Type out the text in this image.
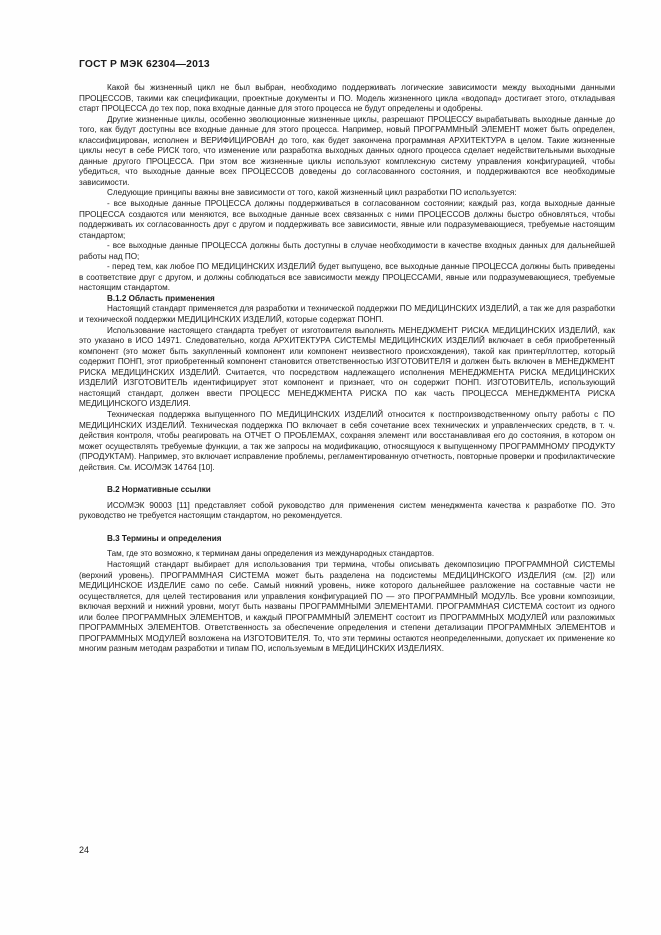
ГОСТ Р МЭК 62304—2013

Какой бы жизненный цикл не был выбран, необходимо поддерживать логические зависимости между выходными данными ПРОЦЕССОВ, такими как спецификации, проектные документы и ПО. Модель жизненного цикла «водопад» достигает этого, откладывая старт ПРОЦЕССА до тех пор, пока входные данные для этого процесса не будут определены и одобрены.

Другие жизненные циклы, особенно эволюционные жизненные циклы, разрешают ПРОЦЕССУ вырабатывать выходные данные до того, как будут доступны все входные данные для этого процесса. Например, новый ПРОГРАММНЫЙ ЭЛЕМЕНТ может быть определен, классифицирован, исполнен и ВЕРИФИЦИРОВАН до того, как будет закончена программная АРХИТЕКТУРА в целом. Такие жизненные циклы несут в себе РИСК того, что изменение или разработка выходных данных одного процесса сделает недействительными выходные данные другого ПРОЦЕССА. При этом все жизненные циклы используют комплексную систему управления конфигурацией, чтобы убедиться, что выходные данные всех ПРОЦЕССОВ доведены до согласованного состояния, и поддерживаются все необходимые зависимости.

Следующие принципы важны вне зависимости от того, какой жизненный цикл разработки ПО используется:

- все выходные данные ПРОЦЕССА должны поддерживаться в согласованном состоянии; каждый раз, когда выходные данные ПРОЦЕССА создаются или меняются, все выходные данные всех связанных с ними ПРОЦЕССОВ должны быстро обновляться, чтобы поддерживать их согласованность друг с другом и поддерживать все зависимости, явные или подразумевающиеся, требуемые настоящим стандартом;

- все выходные данные ПРОЦЕССА должны быть доступны в случае необходимости в качестве входных данных для дальнейшей работы над ПО;

- перед тем, как любое ПО МЕДИЦИНСКИХ ИЗДЕЛИЙ будет выпущено, все выходные данные ПРОЦЕССА должны быть приведены в соответствие друг с другом, и должны соблюдаться все зависимости между ПРОЦЕССАМИ, явные или подразумевающиеся, требуемые настоящим стандартом.

В.1.2 Область применения

Настоящий стандарт применяется для разработки и технической поддержки ПО МЕДИЦИНСКИХ ИЗДЕЛИЙ, а так же для разработки и технической поддержки МЕДИЦИНСКИХ ИЗДЕЛИЙ, которые содержат ПОНП.

Использование настоящего стандарта требует от изготовителя выполнять МЕНЕДЖМЕНТ РИСКА МЕДИЦИНСКИХ ИЗДЕЛИЙ, как это указано в ИСО 14971. Следовательно, когда АРХИТЕКТУРА СИСТЕМЫ МЕДИЦИНСКИХ ИЗДЕЛИЙ включает в себя приобретенный компонент (это может быть закупленный компонент или компонент неизвестного происхождения), такой как принтер/плоттер, который содержит ПОНП, этот приобретенный компонент становится ответственностью ИЗГОТОВИТЕЛЯ и должен быть включен в МЕНЕДЖМЕНТ РИСКА МЕДИЦИНСКИХ ИЗДЕЛИЙ. Считается, что посредством надлежащего исполнения МЕНЕДЖМЕНТА РИСКА МЕДИЦИНСКИХ ИЗДЕЛИЙ ИЗГОТОВИТЕЛЬ идентифицирует этот компонент и признает, что он содержит ПОНП. ИЗГОТОВИТЕЛЬ, использующий настоящий стандарт, должен ввести ПРОЦЕСС МЕНЕДЖМЕНТА РИСКА ПО как часть ПРОЦЕССА МЕНЕДЖМЕНТА РИСКА МЕДИЦИНСКОГО ИЗДЕЛИЯ.

Техническая поддержка выпущенного ПО МЕДИЦИНСКИХ ИЗДЕЛИЙ относится к постпроизводственному опыту работы с ПО МЕДИЦИНСКИХ ИЗДЕЛИЙ. Техническая поддержка ПО включает в себя сочетание всех технических и управленческих средств, в т. ч. действия контроля, чтобы реагировать на ОТЧЕТ О ПРОБЛЕМАХ, сохраняя элемент или восстанавливая его до состояния, в котором он может осуществлять требуемые функции, а так же запросы на модификацию, относящуюся к выпущенному ПРОГРАММНОМУ ПРОДУКТУ (ПРОДУКТАМ). Например, это включает исправление проблемы, регламентированную отчетность, повторные проверки и профилактические действия. См. ИСО/МЭК 14764 [10].

В.2 Нормативные ссылки

ИСО/МЭК 90003 [11] представляет собой руководство для применения систем менеджмента качества к разработке ПО. Это руководство не требуется настоящим стандартом, но рекомендуется.

В.3 Термины и определения

Там, где это возможно, к терминам даны определения из международных стандартов.

Настоящий стандарт выбирает для использования три термина, чтобы описывать декомпозицию ПРОГРАММНОЙ СИСТЕМЫ (верхний уровень). ПРОГРАММНАЯ СИСТЕМА может быть разделена на подсистемы МЕДИЦИНСКОГО ИЗДЕЛИЯ (см. [2]) или МЕДИЦИНСКОЕ ИЗДЕЛИЕ само по себе. Самый нижний уровень, ниже которого дальнейшее разложение на составные части не осуществляется, для целей тестирования или управления конфигурацией ПО — это ПРОГРАММНЫЙ МОДУЛЬ. Все уровни композиции, включая верхний и нижний уровни, могут быть названы ПРОГРАММНЫМИ ЭЛЕМЕНТАМИ. ПРОГРАММНАЯ СИСТЕМА состоит из одного или более ПРОГРАММНЫХ ЭЛЕМЕНТОВ, и каждый ПРОГРАММНЫЙ ЭЛЕМЕНТ состоит из ПРОГРАММНЫХ МОДУЛЕЙ или разложимых ПРОГРАММНЫХ ЭЛЕМЕНТОВ. Ответственность за обеспечение определения и степени детализации ПРОГРАММНЫХ ЭЛЕМЕНТОВ и ПРОГРАММНЫХ МОДУЛЕЙ возложена на ИЗГОТОВИТЕЛЯ. То, что эти термины остаются неопределенными, допускает их применение ко многим разным методам разработки и типам ПО, используемым в МЕДИЦИНСКИХ ИЗДЕЛИЯХ.

24
